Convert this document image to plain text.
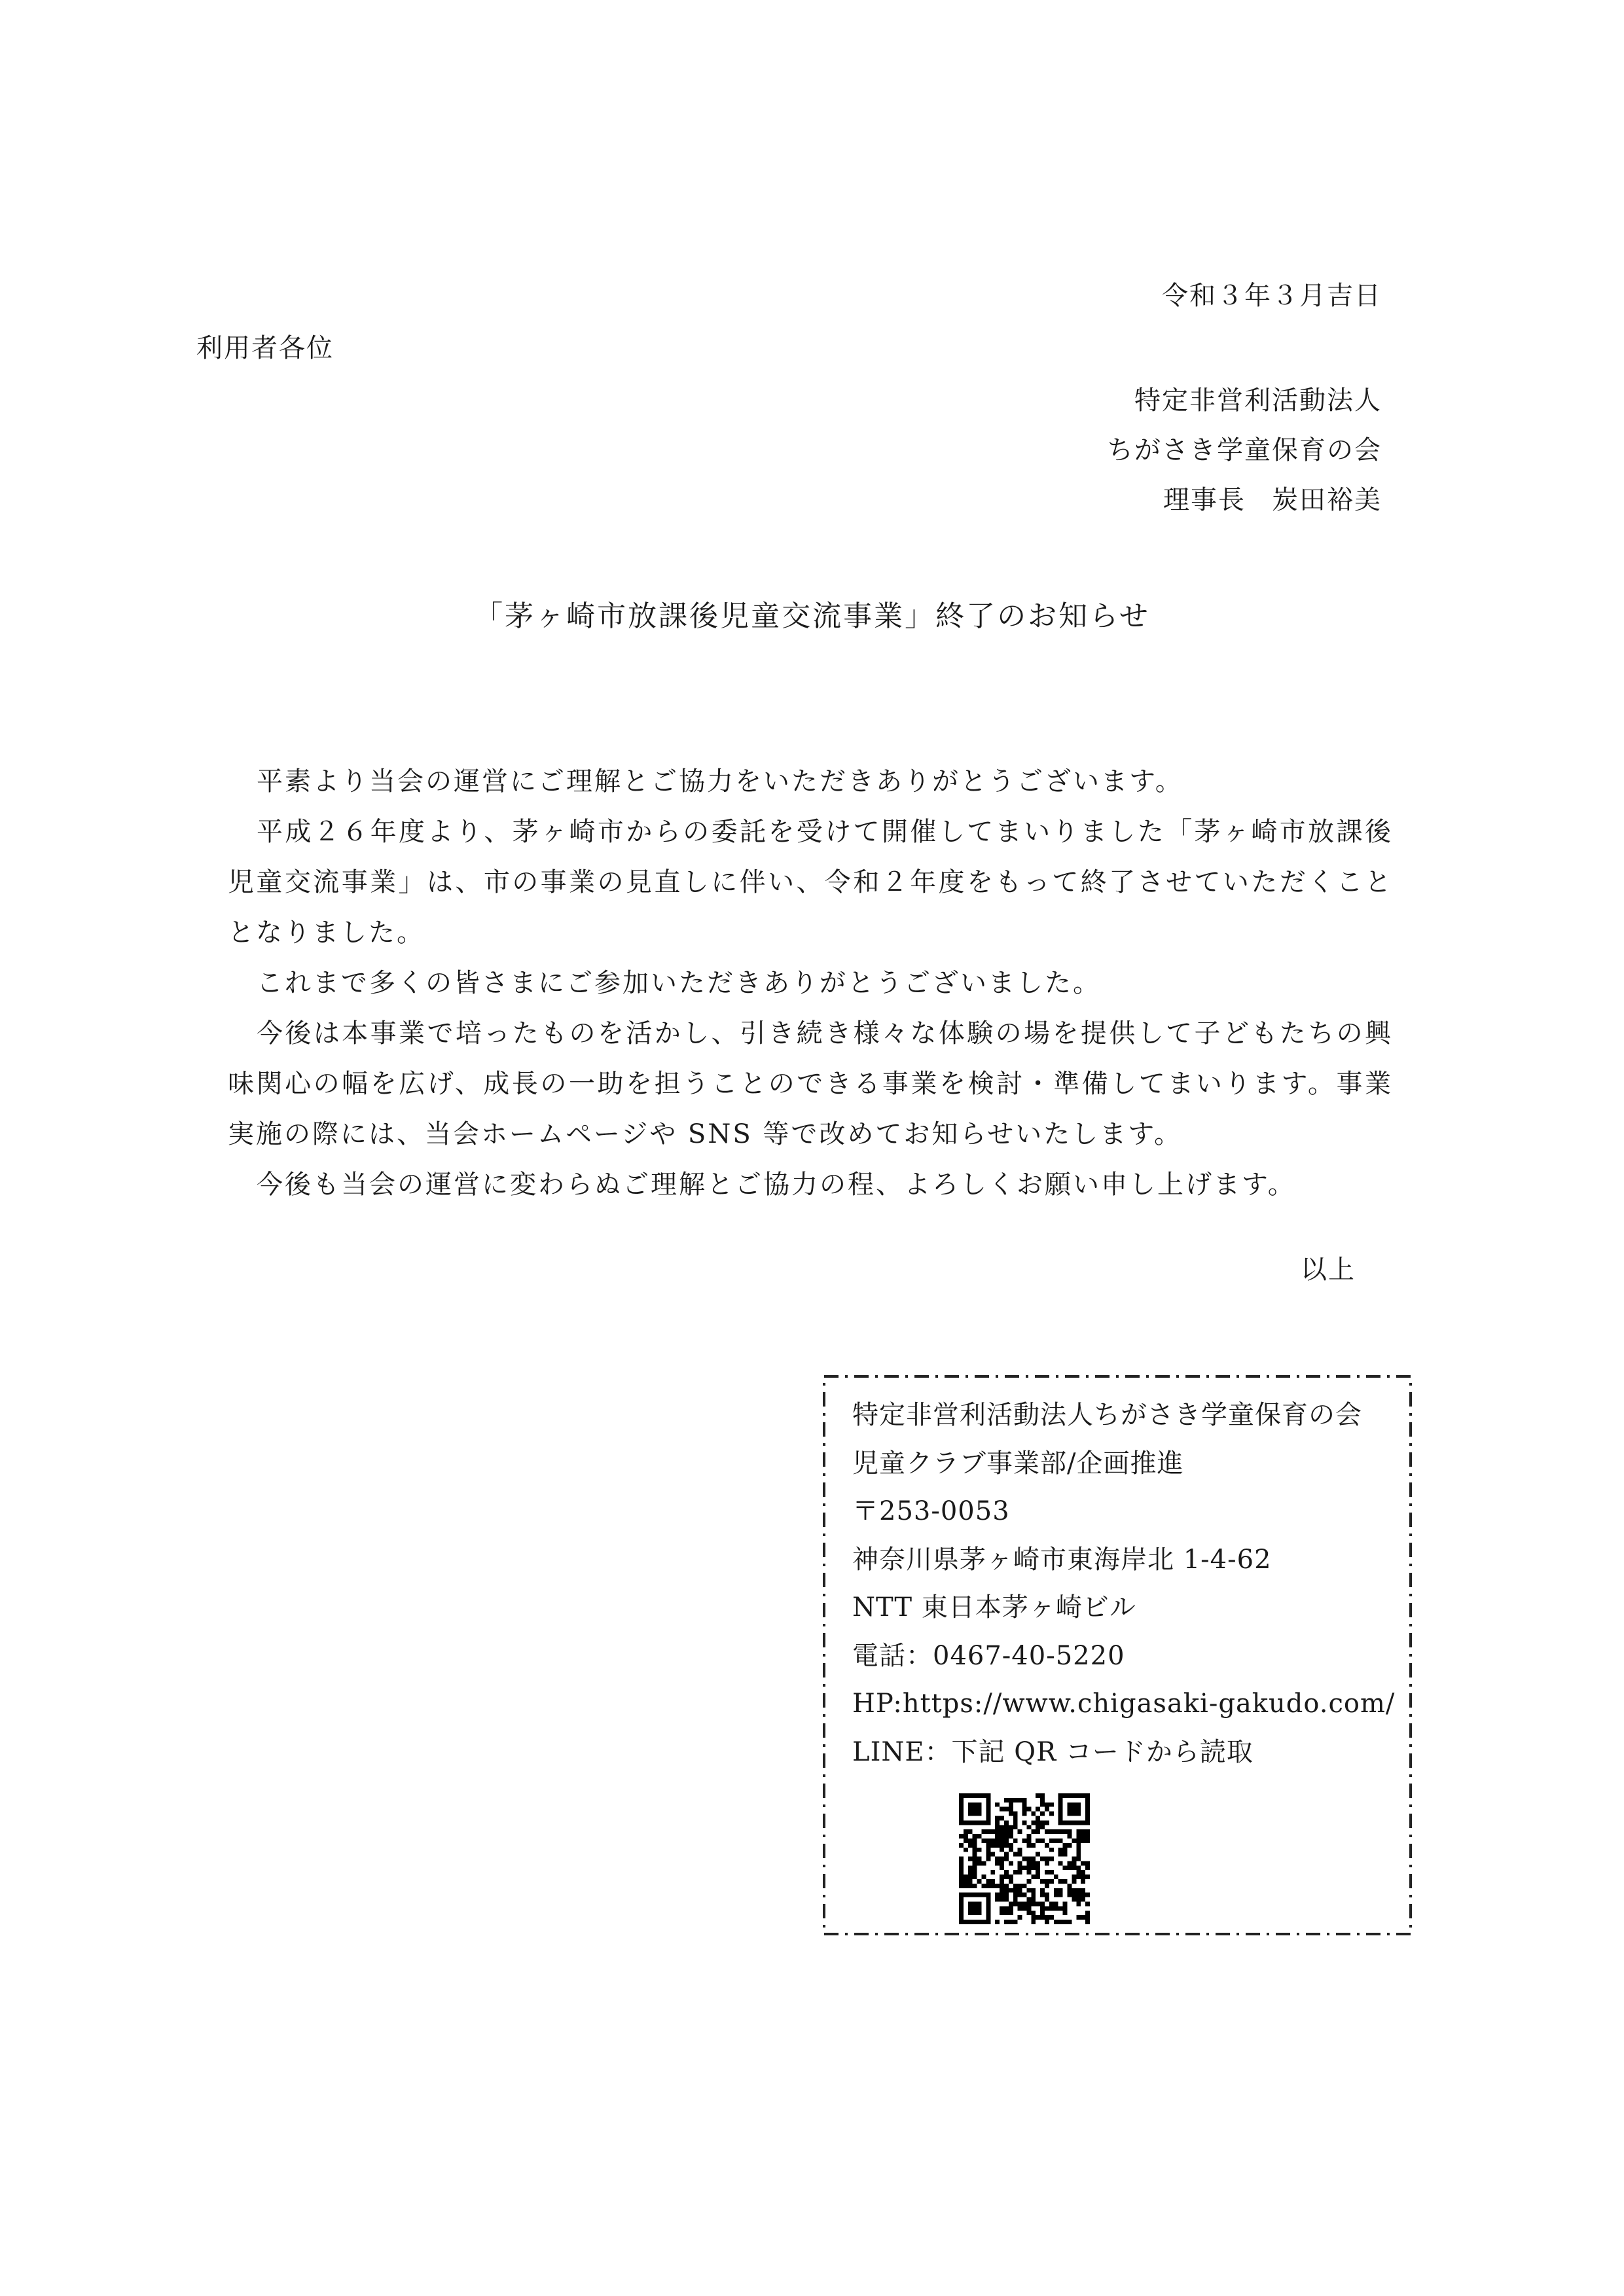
令和３年３月吉日
利用者各位
特定非営利活動法人
ちがさき学童保育の会
理事長 炭田裕美
「茅ヶ崎市放課後児童交流事業」終了のお知らせ

平素より当会の運営にご理解とご協力をいただきありがとうございます。

平成２６年度より、茅ヶ崎市からの委託を受けて開催してまいりました「茅ヶ崎市放課後児童交流事業」は、市の事業の見直しに伴い、令和２年度をもって終了させていただくこととなりました。

これまで多くの皆さまにご参加いただきありがとうございました。

今後は本事業で培ったものを活かし、引き続き様々な体験の場を提供して子どもたちの興味関心の幅を広げ、成長の一助を担うことのできる事業を検討・準備してまいります。事業実施の際には、当会ホームページや SNS 等で改めてお知らせいたします。

今後も当会の運営に変わらぬご理解とご協力の程、よろしくお願い申し上げます。

以上
特定非営利活動法人ちがさき学童保育の会
児童クラブ事業部/企画推進
〒253-0053
神奈川県茅ヶ崎市東海岸北 1-4-62
NTT 東日本茅ヶ崎ビル
電話：0467-40-5220
HP:https://www.chigasaki-gakudo.com/
LINE：下記 QR コードから読取
